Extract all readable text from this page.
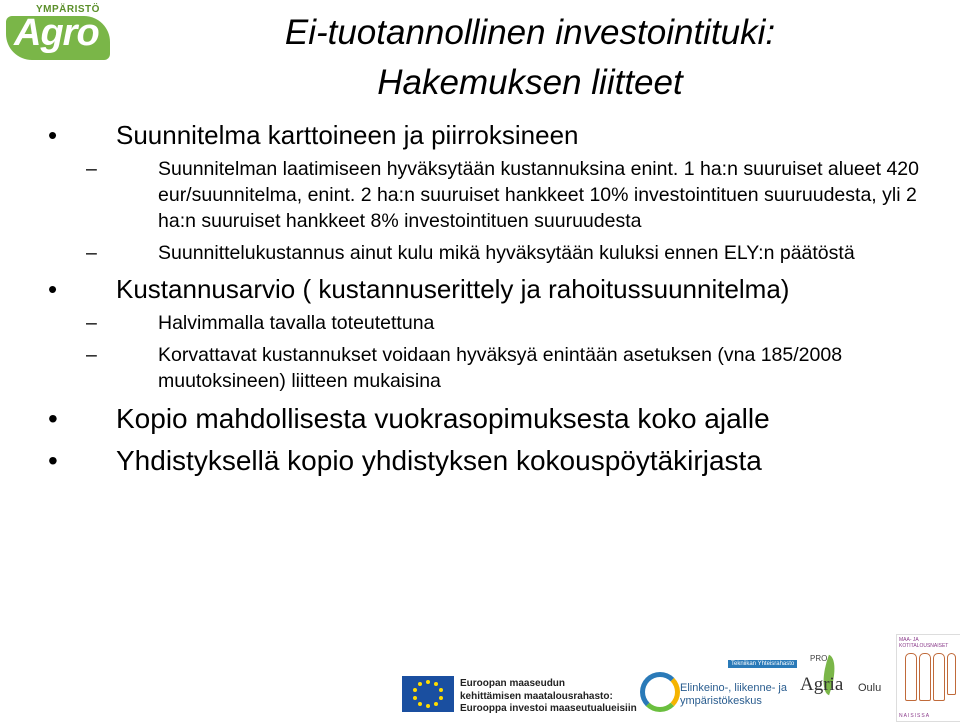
YMPÄRISTÖ
Agro	Ei-tuotannollinen investointituki:
Hakemuksen liitteet
• Suunnitelma karttoineen ja piirroksineen
–	Suunnitelman laatimiseen hyväksytään kustannuksina enint. 1 ha:n suuruiset alueet 420 eur/suunnitelma, enint. 2 ha:n suuruiset hankkeet 10% investointituen suuruudesta, yli 2 ha:n suuruiset hankkeet 8% investointituen suuruudesta
–	Suunnittelukustannus ainut kulu mikä hyväksytään kuluksi ennen ELY:n päätöstä
• Kustannusarvio ( kustannuserittely ja rahoitussuunnitelma)
–	Halvimmalla tavalla toteutettuna
–	Korvattavat kustannukset voidaan hyväksyä enintään asetuksen (vna 185/2008 muutoksineen) liitteen mukaisina
• Kopio mahdollisesta vuokrasopimuksesta koko ajalle
• Yhdistyksellä kopio yhdistyksen kokouspöytäkirjasta
Euroopan maaseudun
kehittämisen maatalousrahasto:
Eurooppa investoi maaseutualueisiin
Tekniikan Yhteisrahasto
Elinkeino-, liikenne- ja
ympäristökeskus
PRO
Agria Oulu
MAA- JA KOTITALOUSNAISET
NAISISSA
